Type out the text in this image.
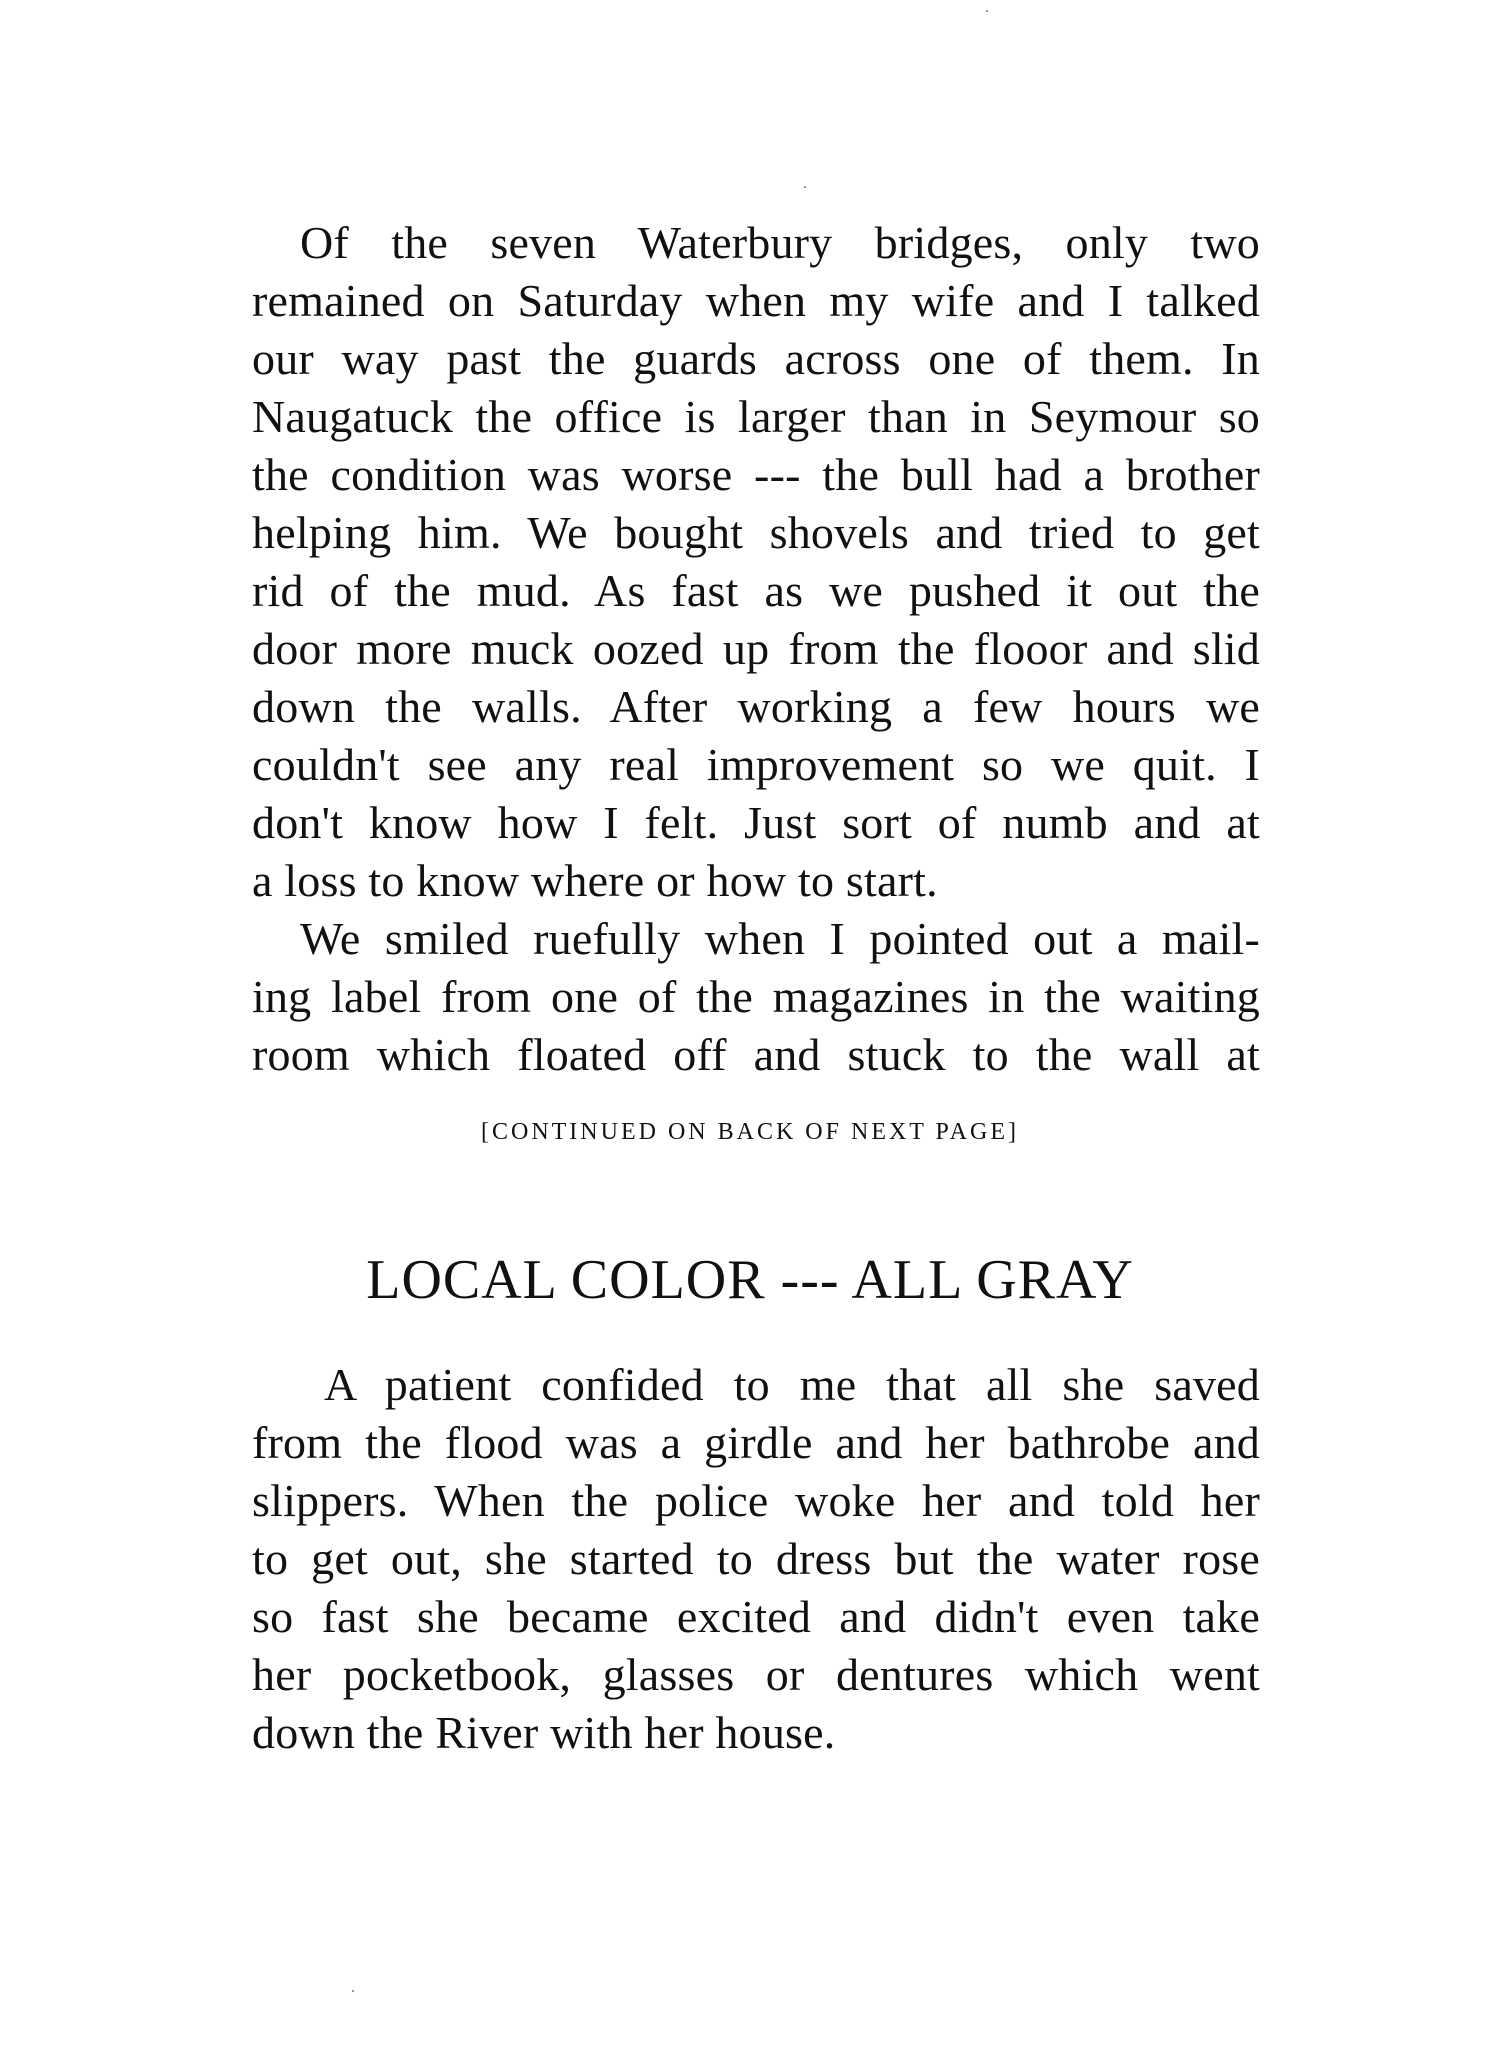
Of the seven Waterbury bridges, only two
remained on Saturday when my wife and I talked
our way past the guards across one of them. In
Naugatuck the office is larger than in Seymour so
the condition was worse --- the bull had a brother
helping him. We bought shovels and tried to get
rid of the mud. As fast as we pushed it out the
door more muck oozed up from the flooor and slid
down the walls. After working a few hours we
couldn't see any real improvement so we quit. I
don't know how I felt. Just sort of numb and at
a loss to know where or how to start.
We smiled ruefully when I pointed out a mail-
ing label from one of the magazines in the waiting
room which floated off and stuck to the wall at
[CONTINUED ON BACK OF NEXT PAGE]
LOCAL COLOR --- ALL GRAY
A patient confided to me that all she saved
from the flood was a girdle and her bathrobe and
slippers. When the police woke her and told her
to get out, she started to dress but the water rose
so fast she became excited and didn't even take
her pocketbook, glasses or dentures which went
down the River with her house.
